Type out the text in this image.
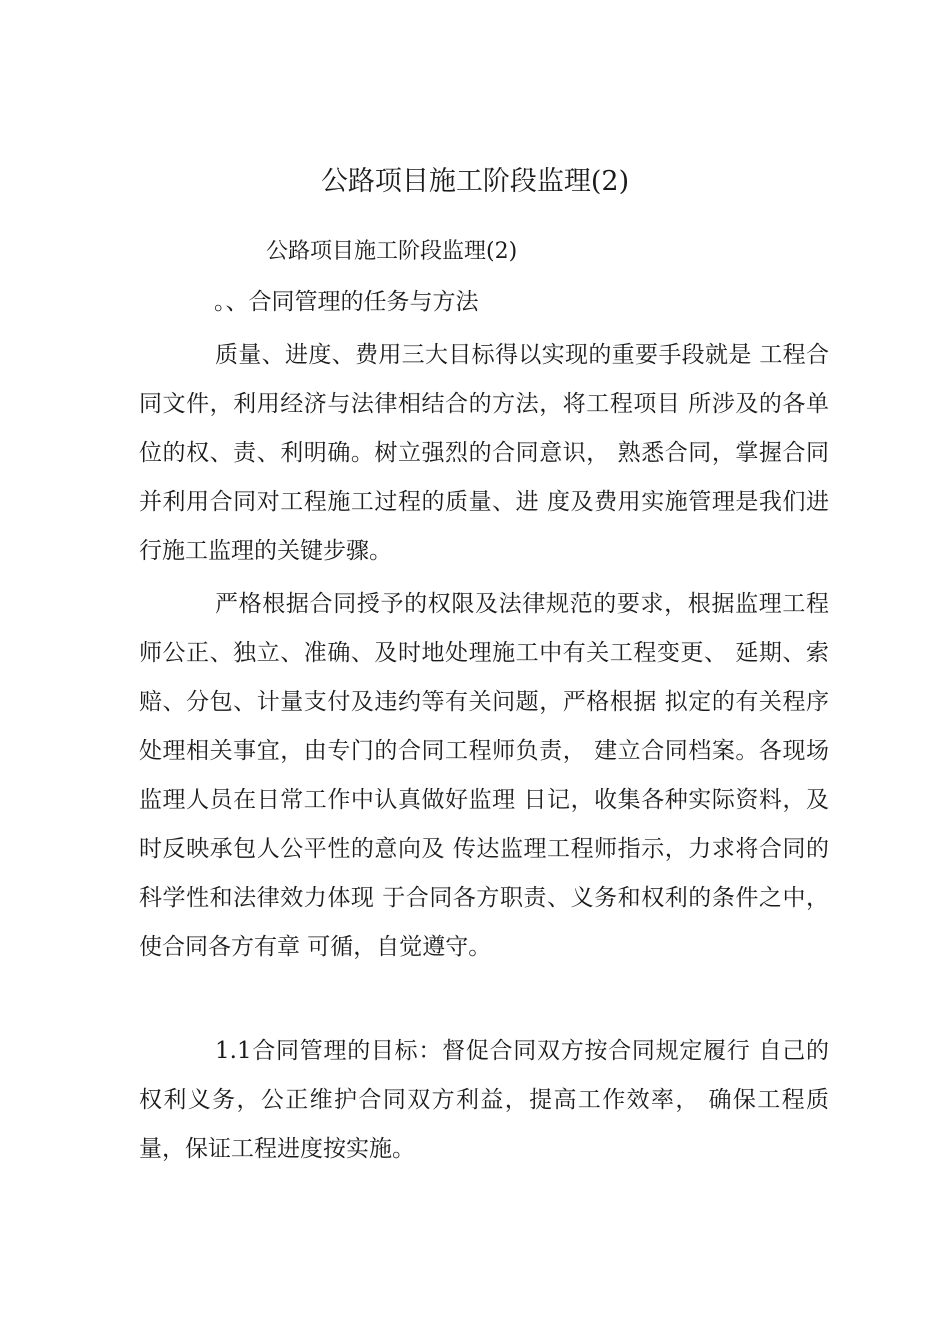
公路项目施工阶段监理(2)
公路项目施工阶段监理(2)
。、合同管理的任务与方法

质量、进度、费用三大目标得以实现的重要手段就是 工程合同文件，利用经济与法律相结合的方法，将工程项目 所涉及的各单位的权、责、利明确。树立强烈的合同意识， 熟悉合同，掌握合同并利用合同对工程施工过程的质量、进 度及费用实施管理是我们进行施工监理的关键步骤。

严格根据合同授予的权限及法律规范的要求，根据监理工程师公正、独立、准确、及时地处理施工中有关工程变更、 延期、索赔、分包、计量支付及违约等有关问题，严格根据 拟定的有关程序处理相关事宜，由专门的合同工程师负责， 建立合同档案。各现场监理人员在日常工作中认真做好监理 日记，收集各种实际资料，及时反映承包人公平性的意向及 传达监理工程师指示，力求将合同的科学性和法律效力体现 于合同各方职责、义务和权利的条件之中，使合同各方有章 可循，自觉遵守。

1.1合同管理的目标：督促合同双方按合同规定履行 自己的权利义务，公正维护合同双方利益，提高工作效率， 确保工程质量，保证工程进度按实施。
